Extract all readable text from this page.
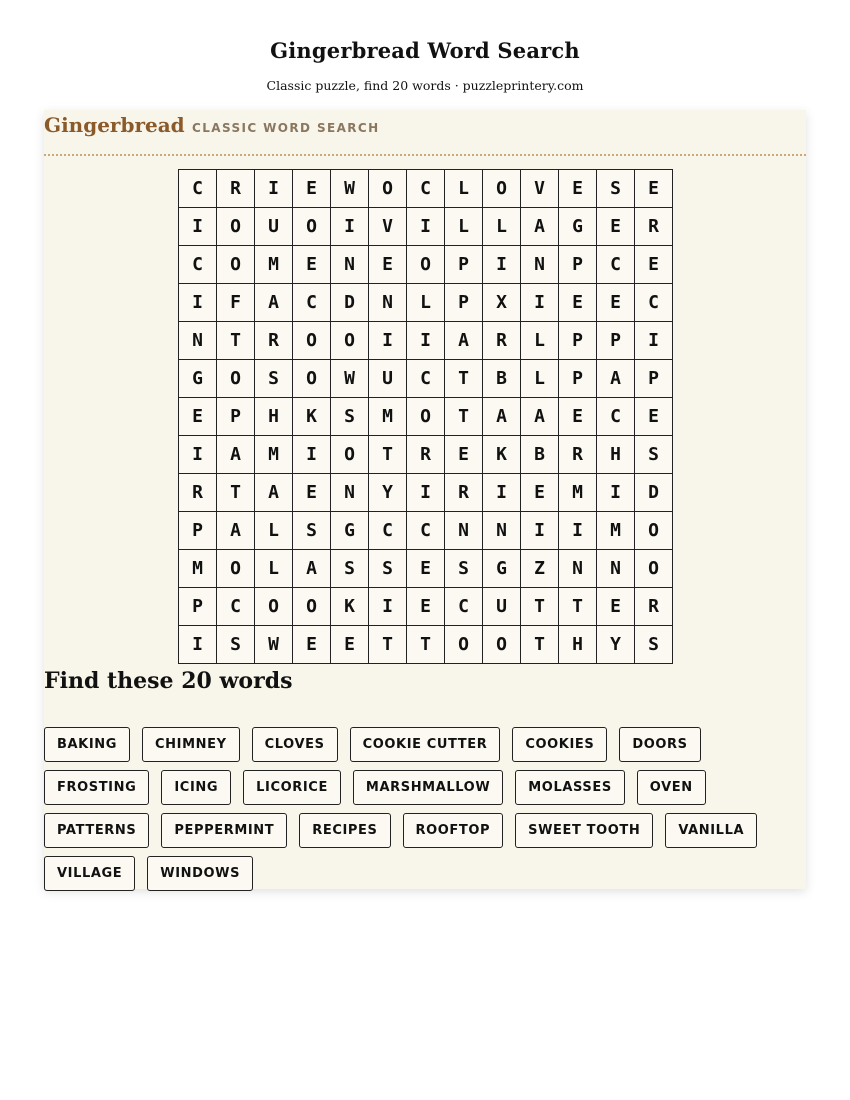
Gingerbread Word Search
Classic puzzle, find 20 words · puzzleprintery.com
Gingerbread CLASSIC WORD SEARCH
C	R	I	E	W	O	C	L	O	V	E	S	E
I	O	U	O	I	V	I	L	L	A	G	E	R
C	O	M	E	N	E	O	P	I	N	P	C	E
I	F	A	C	D	N	L	P	X	I	E	E	C
N	T	R	O	O	I	I	A	R	L	P	P	I
G	O	S	O	W	U	C	T	B	L	P	A	P
E	P	H	K	S	M	O	T	A	A	E	C	E
I	A	M	I	O	T	R	E	K	B	R	H	S
R	T	A	E	N	Y	I	R	I	E	M	I	D
P	A	L	S	G	C	C	N	N	I	I	M	O
M	O	L	A	S	S	E	S	G	Z	N	N	O
P	C	O	O	K	I	E	C	U	T	T	E	R
I	S	W	E	E	T	T	O	O	T	H	Y	S
Find these 20 words
BAKING	CHIMNEY	CLOVES	COOKIE CUTTER	COOKIES	DOORS
FROSTING	ICING	LICORICE	MARSHMALLOW	MOLASSES	OVEN
PATTERNS	PEPPERMINT	RECIPES	ROOFTOP	SWEET TOOTH	VANILLA
VILLAGE	WINDOWS
